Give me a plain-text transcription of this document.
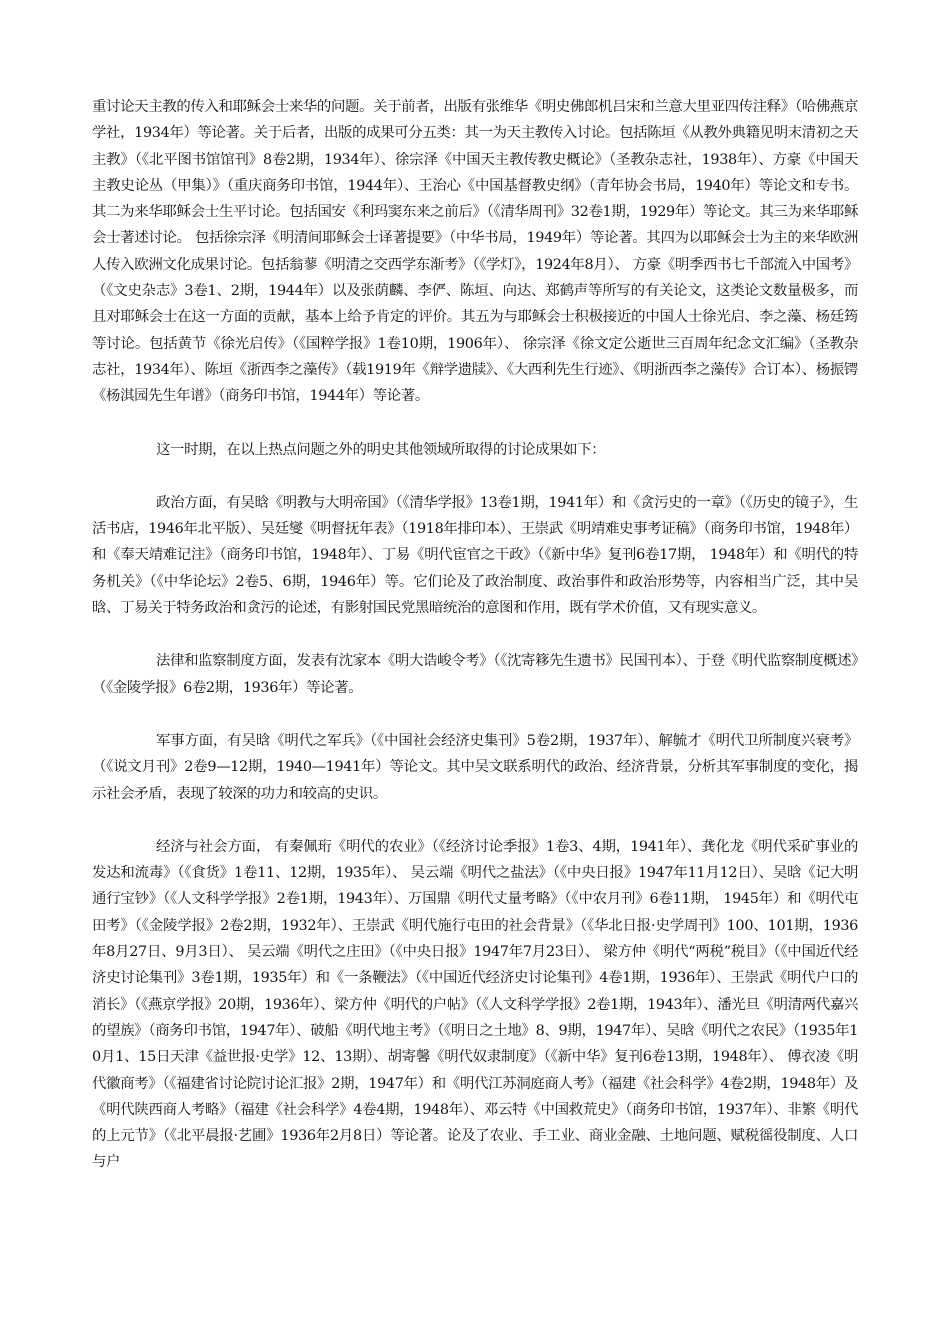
重讨论天主教的传入和耶稣会士来华的问题。关于前者，出版有张维华《明史佛郎机吕宋和兰意大里亚四传注释》（哈佛燕京学社，1934年）等论著。关于后者，出版的成果可分五类：其一为天主教传入讨论。包括陈垣《从教外典籍见明末清初之天主教》（《北平图书馆馆刊》8卷2期，1934年）、徐宗泽《中国天主教传教史概论》（圣教杂志社，1938年）、方豪《中国天主教史论丛（甲集）》（重庆商务印书馆，1944年）、王治心《中国基督教史纲》（青年协会书局，1940年）等论文和专书。其二为来华耶稣会士生平讨论。包括国安《利玛窦东来之前后》（《清华周刊》32卷1期，1929年）等论文。其三为来华耶稣会士著述讨论。 包括徐宗泽《明清间耶稣会士译著提要》（中华书局，1949年）等论著。其四为以耶稣会士为主的来华欧洲人传入欧洲文化成果讨论。包括翁蓼《明清之交西学东渐考》（《学灯》，1924年8月）、 方豪《明季西书七千部流入中国考》（《文史杂志》3卷1、2期，1944年）以及张荫麟、李俨、陈垣、向达、郑鹤声等所写的有关论文，这类论文数量极多，而且对耶稣会士在这一方面的贡献，基本上给予肯定的评价。其五为与耶稣会士积极接近的中国人士徐光启、李之藻、杨廷筠等讨论。包括黄节《徐光启传》（《国粹学报》1卷10期，1906年）、 徐宗泽《徐文定公逝世三百周年纪念文汇编》（圣教杂志社，1934年）、陈垣《浙西李之藻传》（载1919年《辩学遗牍》、《大西利先生行迹》、《明浙西李之藻传》合订本）、杨振锷《杨淇园先生年谱》（商务印书馆，1944年）等论著。

这一时期，在以上热点问题之外的明史其他领域所取得的讨论成果如下：

政治方面，有吴晗《明教与大明帝国》（《清华学报》13卷1期，1941年）和《贪污史的一章》（《历史的镜子》，生活书店，1946年北平版）、吴廷燮《明督抚年表》（1918年排印本）、王崇武《明靖难史事考证稿》（商务印书馆，1948年）和《奉天靖难记注》（商务印书馆，1948年）、丁易《明代宦官之干政》（《新中华》复刊6卷17期， 1948年）和《明代的特务机关》（《中华论坛》2卷5、6期，1946年）等。它们论及了政治制度、政治事件和政治形势等，内容相当广泛，其中吴晗、丁易关于特务政治和贪污的论述，有影射国民党黑暗统治的意图和作用，既有学术价值，又有现实意义。

法律和监察制度方面，发表有沈家本《明大诰峻令考》（《沈寄簃先生遗书》民国刊本）、于登《明代监察制度概述》（《金陵学报》6卷2期，1936年）等论著。

军事方面，有吴晗《明代之军兵》（《中国社会经济史集刊》5卷2期，1937年）、解毓才《明代卫所制度兴衰考》（《说文月刊》2卷9—12期，1940—1941年）等论文。其中吴文联系明代的政治、经济背景，分析其军事制度的变化，揭示社会矛盾，表现了较深的功力和较高的史识。

经济与社会方面， 有秦佩珩《明代的农业》（《经济讨论季报》1卷3、4期，1941年）、龚化龙《明代采矿事业的发达和流毒》（《食货》1卷11、12期，1935年）、 吴云端《明代之盐法》（《中央日报》1947年11月12日）、吴晗《记大明通行宝钞》（《人文科学学报》2卷1期，1943年）、万国鼎《明代丈量考略》（《中农月刊》6卷11期， 1945年）和《明代屯田考》（《金陵学报》2卷2期，1932年）、王崇武《明代施行屯田的社会背景》（《华北日报·史学周刊》100、101期，1936年8月27日、9月3日）、 吴云端《明代之庄田》（《中央日报》1947年7月23日）、 梁方仲《明代“两税”税目》（《中国近代经济史讨论集刊》3卷1期，1935年）和《一条鞭法》（《中国近代经济史讨论集刊》4卷1期，1936年）、王崇武《明代户口的消长》（《燕京学报》20期，1936年）、梁方仲《明代的户帖》（《人文科学学报》2卷1期，1943年）、潘光旦《明清两代嘉兴的望族》（商务印书馆，1947年）、破船《明代地主考》（《明日之土地》8、9期，1947年）、吴晗《明代之农民》（1935年10月1、15日天津《益世报·史学》12、13期）、胡寄馨《明代奴隶制度》（《新中华》复刊6卷13期，1948年）、 傅衣凌《明代徽商考》（《福建省讨论院讨论汇报》2期，1947年）和《明代江苏洞庭商人考》（福建《社会科学》4卷2期，1948年）及《明代陕西商人考略》（福建《社会科学》4卷4期，1948年）、邓云特《中国救荒史》（商务印书馆，1937年）、非繁《明代的上元节》（《北平晨报·艺圃》1936年2月8日）等论著。论及了农业、手工业、商业金融、土地问题、赋税徭役制度、人口与户
